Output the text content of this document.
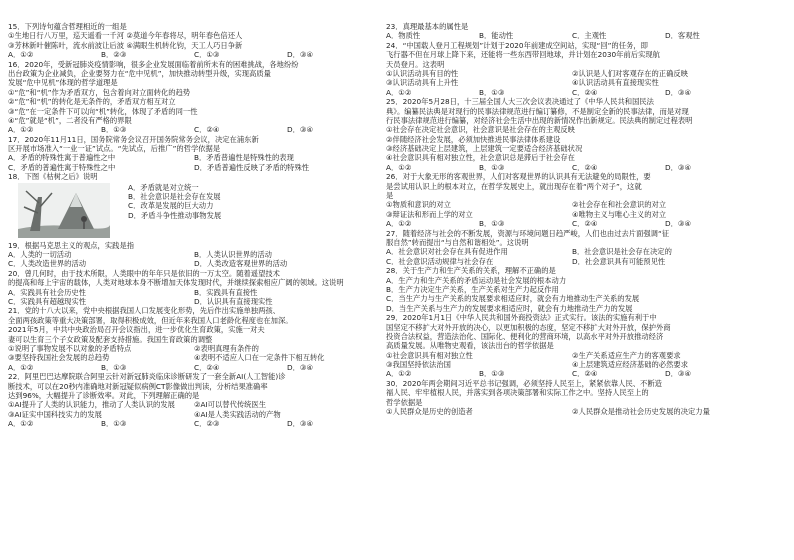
15．下列诗句蕴含哲理相近的一组是
①生地日行八万里，巡天遥看一千河 ②莫道今年春将尽，明年春色倍还人
③芳林新叶催陈叶，流水前波让后波 ④满眼生机转化钧，天工人巧日争新
A．①②	B．②③	C．①③	D．③④
16．2020年，受新冠肺炎疫情影响，很多企业发展面临着前所未有的困难挑战，各地纷纷
出台政策为企业减负，企业要努力在“危中见机”，加快推动转型升级，实现高质量
发展“危中见机”体现的哲学道理是
①“危”和“机”作为矛盾双方，包含着向对立面转化的趋势
②“危”和“机”的转化是无条件的，矛盾双方相互对立
③“危”在一定条件下可以向“机”转化，体现了矛盾的同一性
④“危”就是“机”，二者没有严格的界限
A．①②	B．①③	C．②④	D．③④
17．2020年11月11日，国务院常务会议召开国务院常务会议，决定在浦东新
区开展市场准入“一业一证”试点。“先试点，后推广”的哲学依据是
A．矛盾的特殊性寓于普遍性之中	B．矛盾普遍性是特殊性的表现
C．矛盾的普遍性寓于特殊性之中	D．矛盾普遍性反映了矛盾的特殊性
18．下图《枯树之后》说明
A．矛盾就是对立统一
B．社会意识是社会存在发展
C．改革是发展的巨大动力
D．矛盾斗争性推动事物发展
19．根据马克思主义的观点，实践是指
A．人类的一切活动	B．人类认识世界的活动
C．人类改造世界的活动	D．人类改造客观世界的活动
20．曾几何时，由于技术所限，人类眼中的年年只是依旧的一万太空。随着遥望技术
的提高和每上宇宙的载体，人类对地球本身不断增加天体发现时代，并继续探索相应广阔的领域。这说明
A．实践具有社会历史性	B．实践具有直接性
C．实践具有超越现实性	D．认识具有直接现实性
21．党的十八大以来，党中央根据我国人口发展变化形势，先后作出实施单独两孩、
全面两孩政策等重大决策部署，取得积极成效，但近年来我国人口老龄化程度也在加深。
2021年5月，中共中央政治局召开会议指出，进一步优化生育政策，实施一对夫
妻可以生育三个子女政策及配套支持措施。我国生育政策的调整
①说明了事物发展不以对象的矛盾特点	②表明真理有条件的
③要坚持我国社会发展的总趋势	④表明不适应人口在一定条件下相互转化
A．①②	B．①③	C．②④	D．③④
22．阿里巴巴达摩院联合阿里云针对新冠肺炎临床诊断研发了一套全新AI(人工智能)诊
断技术，可以在20秒内准确地对新冠疑似病例CT影像做出判读，分析结果准确率
达到96%，大幅提升了诊断效率。对此，下列理解正确的是
①AI提升了人类的认识能力，推动了人类认识的发展	②AI可以替代传统医生
③AI证实中国科技实力的发展	④AI是人类实践活动的产物
A．①②	B．①③	C．②③	D．③④
23．真理最基本的属性是
A．物质性	B．能动性	C．主观性	D．客观性
24．“中国载人登月工程规划”计划于2020年前建成空间站，实现“回”的任务，即
飞行器不但在月球上降下来，还能将一些东西带回地球，并计划在2030年前后实现航
天员登月。这表明
①认识活动具有目的性	②认识是人们对客观存在的正确反映
③认识活动具有上升性	④认识活动具有直接现实性
A．①②	B．①③	C．②④	D．③④
25．2020年5月28日，十三届全国人大三次会议表决通过了《中华人民共和国民法
典》。编纂民法典是对现行的民事法律规范进行编订纂修，不是制定全新的民事法律，而是对现
行民事法律规范进行编纂，对经济社会生活中出现的新情况作出新规定。民法典的制定过程表明
①社会存在决定社会意识，社会意识是社会存在的主观反映
②伴随经济社会发展，必须加快推进民事法律体系建设
③经济基础决定上层建筑，上层建筑一定要适合经济基础状况
④社会意识具有相对独立性，社会意识总是滞后于社会存在
A．①②	B．①③	C．②④	D．③④
26．对于大象无形的客观世界，人们对客观世界的认识具有无法避免的局限性，要
是尝试用认识上的根本对立，在哲学发展史上，就出现存在着“两个对子”，这就
是
①物质和意识的对立	②社会存在和社会意识的对立
③辩证法和形而上学的对立	④唯物主义与唯心主义的对立
A．①②	B．①③	C．②④	D．③④
27．随着经济与社会的不断发展，资源与环境问题日趋严峻，人们也由过去片面强调“征
服自然”转而提出“与自然和谐相处”。这说明
A．社会意识对社会存在具有促进作用	B．社会意识是社会存在决定的
C．社会意识活动规律与社会存在	D．社会意识具有可能预见性
28．关于生产力和生产关系的关系，理解不正确的是
A．生产力和生产关系的矛盾运动是社会发展的根本动力
B．生产力决定生产关系，生产关系对生产力起反作用
C．当生产力与生产关系的发展要求相适应时，就会有力地推动生产关系的发展
D．当生产关系与生产力的发展要求相适应时，就会有力地推动生产力的发展
29．2020年1月1日《中华人民共和国外商投资法》正式实行。该法的实施有利于中
国坚定不移扩大对外开放的决心，以更加积极的态度，坚定不移扩大对外开放，保护外商
投资合法权益，营造法治化、国际化、便利化的营商环境，以高水平对外开放推动经济
高质量发展。从唯物史观看，该法出台的哲学依据是
①社会意识具有相对独立性	②生产关系适应生产力的客观要求
③我国坚持依法治国	④上层建筑适应经济基础的必然要求
A．①②	B．①③	C．②④	D．③④
30．2020年两会期间习近平总书记强调，必须坚持人民至上，紧紧依靠人民、不断造
福人民、牢牢植根人民，并落实到各项决策部署和实际工作之中。坚持人民至上的
哲学依据是
①人民群众是历史的创造者	②人民群众是推动社会历史发展的决定力量
